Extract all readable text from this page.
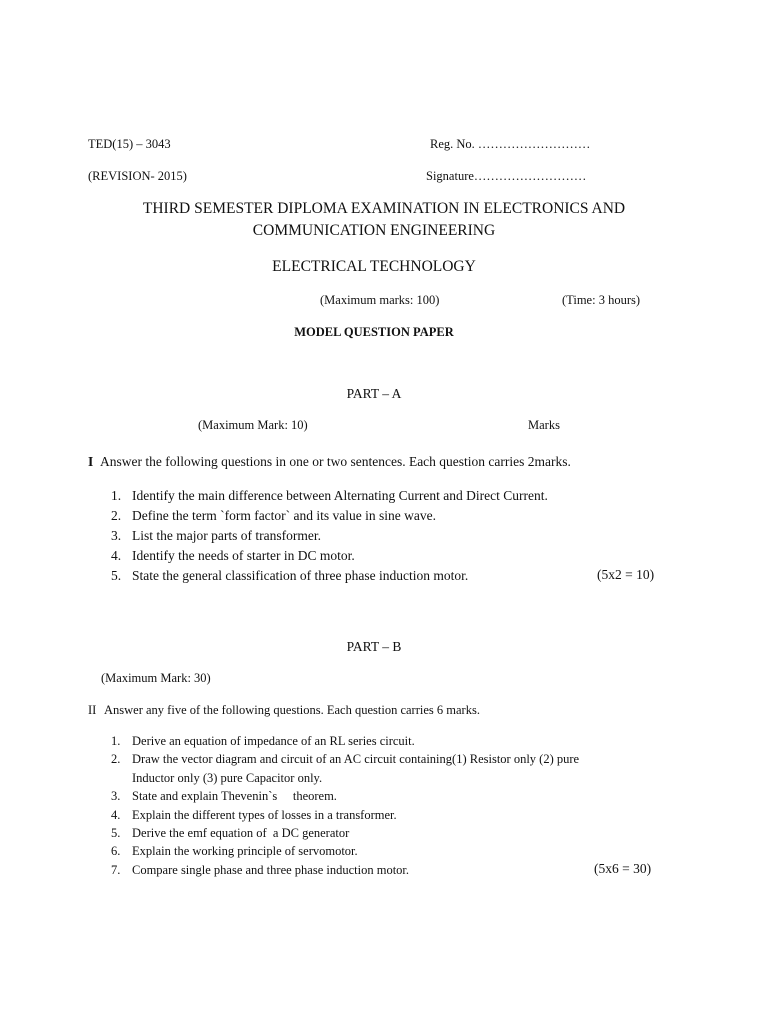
TED(15) – 3043	Reg. No. ………………………
(REVISION- 2015)	Signature………………………
THIRD SEMESTER DIPLOMA EXAMINATION IN ELECTRONICS AND
COMMUNICATION ENGINEERING
ELECTRICAL TECHNOLOGY
(Maximum marks: 100)	(Time: 3 hours)
MODEL QUESTION PAPER
PART – A
(Maximum Mark: 10)	Marks
I Answer the following questions in one or two sentences. Each question carries 2marks.
1. Identify the main difference between Alternating Current and Direct Current.
2. Define the term `form factor` and its value in sine wave.
3. List the major parts of transformer.
4. Identify the needs of starter in DC motor.
5. State the general classification of three phase induction motor.	(5x2 = 10)
PART – B
(Maximum Mark: 30)
II Answer any five of the following questions. Each question carries 6 marks.
1. Derive an equation of impedance of an RL series circuit.
2. Draw the vector diagram and circuit of an AC circuit containing(1) Resistor only (2) pure
Inductor only (3) pure Capacitor only.
3. State and explain Thevenin`s     theorem.
4. Explain the different types of losses in a transformer.
5. Derive the emf equation of  a DC generator
6. Explain the working principle of servomotor.
7. Compare single phase and three phase induction motor.	(5x6 = 30)
